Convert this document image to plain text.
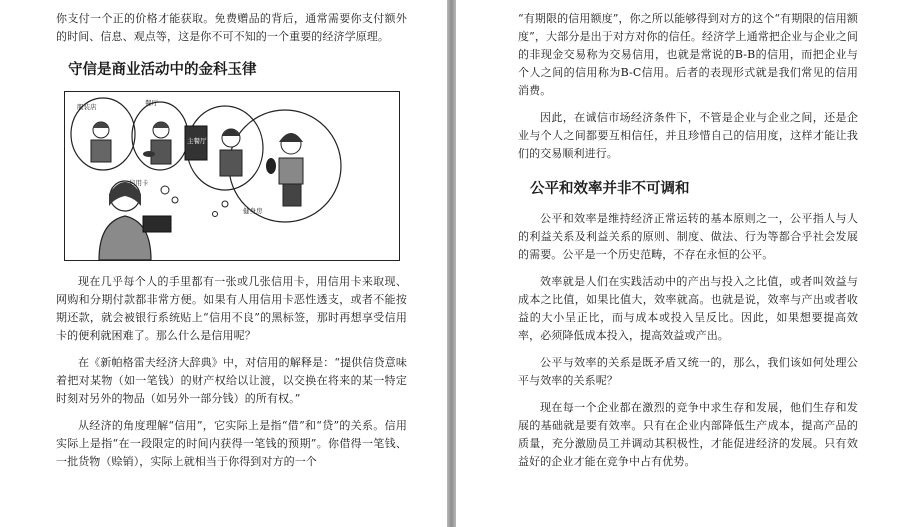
你支付一个正的价格才能获取。免费赠品的背后，通常需要你支付额外的时间、信息、观点等，这是你不可不知的一个重要的经济学原理。

守信是商业活动中的金科玉律
服装店	餐厅
主餐厅
信用卡
健身房

现在几乎每个人的手里都有一张或几张信用卡，用信用卡来取现、网购和分期付款都非常方便。如果有人用信用卡恶性透支，或者不能按期还款，就会被银行系统贴上“信用不良”的黑标签，那时再想享受信用卡的便利就困难了。那么什么是信用呢？

在《新帕格雷夫经济大辞典》中，对信用的解释是：“提供信贷意味着把对某物（如一笔钱）的财产权给以让渡，以交换在将来的某一特定时刻对另外的物品（如另外一部分钱）的所有权。”

从经济的角度理解“信用”，它实际上是指“借”和“贷”的关系。信用实际上是指“在一段限定的时间内获得一笔钱的预期”。你借得一笔钱、一批货物（赊销），实际上就相当于你得到对方的一个

“有期限的信用额度”，你之所以能够得到对方的这个“有期限的信用额度”，大部分是出于对方对你的信任。经济学上通常把企业与企业之间的非现金交易称为交易信用，也就是常说的B-B的信用，而把企业与个人之间的信用称为B-C信用。后者的表现形式就是我们常见的信用消费。

因此，在诚信市场经济条件下，不管是企业与企业之间，还是企业与个人之间都要互相信任，并且珍惜自己的信用度，这样才能让我们的交易顺利进行。

公平和效率并非不可调和

公平和效率是维持经济正常运转的基本原则之一，公平指人与人的利益关系及利益关系的原则、制度、做法、行为等都合乎社会发展的需要。公平是一个历史范畴，不存在永恒的公平。

效率就是人们在实践活动中的产出与投入之比值，或者叫效益与成本之比值，如果比值大，效率就高。也就是说，效率与产出或者收益的大小呈正比，而与成本或投入呈反比。因此，如果想要提高效率，必须降低成本投入，提高效益或产出。

公平与效率的关系是既矛盾又统一的，那么，我们该如何处理公平与效率的关系呢？

现在每一个企业都在激烈的竞争中求生存和发展，他们生存和发展的基础就是要有效率。只有在企业内部降低生产成本，提高产品的质量，充分激励员工并调动其积极性，才能促进经济的发展。只有效益好的企业才能在竞争中占有优势。
